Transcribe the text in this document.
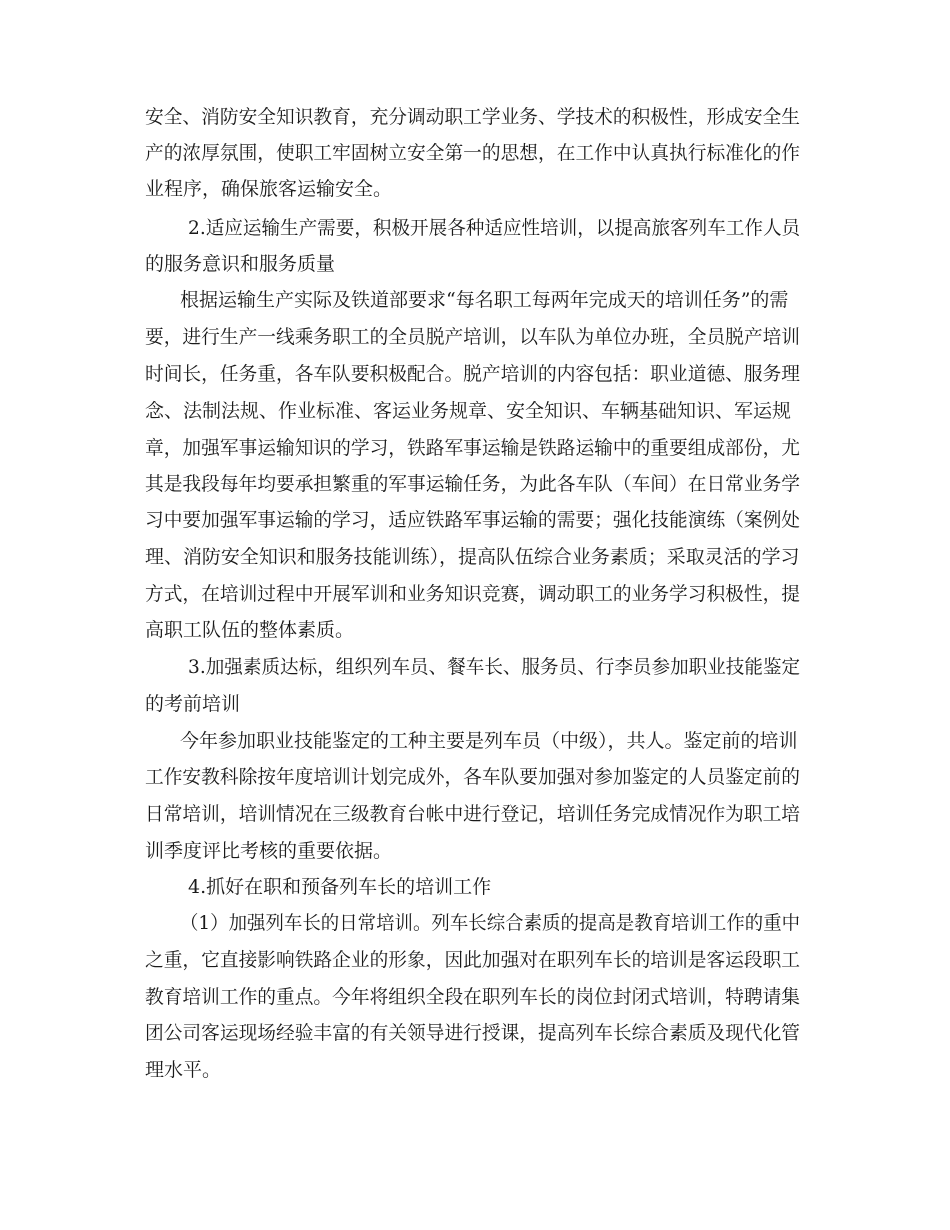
安全、消防安全知识教育，充分调动职工学业务、学技术的积极性，形成安全生
产的浓厚氛围，使职工牢固树立安全第一的思想，在工作中认真执行标准化的作
业程序，确保旅客运输安全。
2.适应运输生产需要，积极开展各种适应性培训，以提高旅客列车工作人员
的服务意识和服务质量
根据运输生产实际及铁道部要求“每名职工每两年完成天的培训任务”的需
要，进行生产一线乘务职工的全员脱产培训，以车队为单位办班，全员脱产培训
时间长，任务重，各车队要积极配合。脱产培训的内容包括：职业道德、服务理
念、法制法规、作业标准、客运业务规章、安全知识、车辆基础知识、军运规
章，加强军事运输知识的学习，铁路军事运输是铁路运输中的重要组成部份，尤
其是我段每年均要承担繁重的军事运输任务，为此各车队（车间）在日常业务学
习中要加强军事运输的学习，适应铁路军事运输的需要；强化技能演练（案例处
理、消防安全知识和服务技能训练），提高队伍综合业务素质；采取灵活的学习
方式，在培训过程中开展军训和业务知识竞赛，调动职工的业务学习积极性，提
高职工队伍的整体素质。
3.加强素质达标，组织列车员、餐车长、服务员、行李员参加职业技能鉴定
的考前培训
今年参加职业技能鉴定的工种主要是列车员（中级），共人。鉴定前的培训
工作安教科除按年度培训计划完成外，各车队要加强对参加鉴定的人员鉴定前的
日常培训，培训情况在三级教育台帐中进行登记，培训任务完成情况作为职工培
训季度评比考核的重要依据。
4.抓好在职和预备列车长的培训工作
（1）加强列车长的日常培训。列车长综合素质的提高是教育培训工作的重中
之重，它直接影响铁路企业的形象，因此加强对在职列车长的培训是客运段职工
教育培训工作的重点。今年将组织全段在职列车长的岗位封闭式培训，特聘请集
团公司客运现场经验丰富的有关领导进行授课，提高列车长综合素质及现代化管
理水平。
